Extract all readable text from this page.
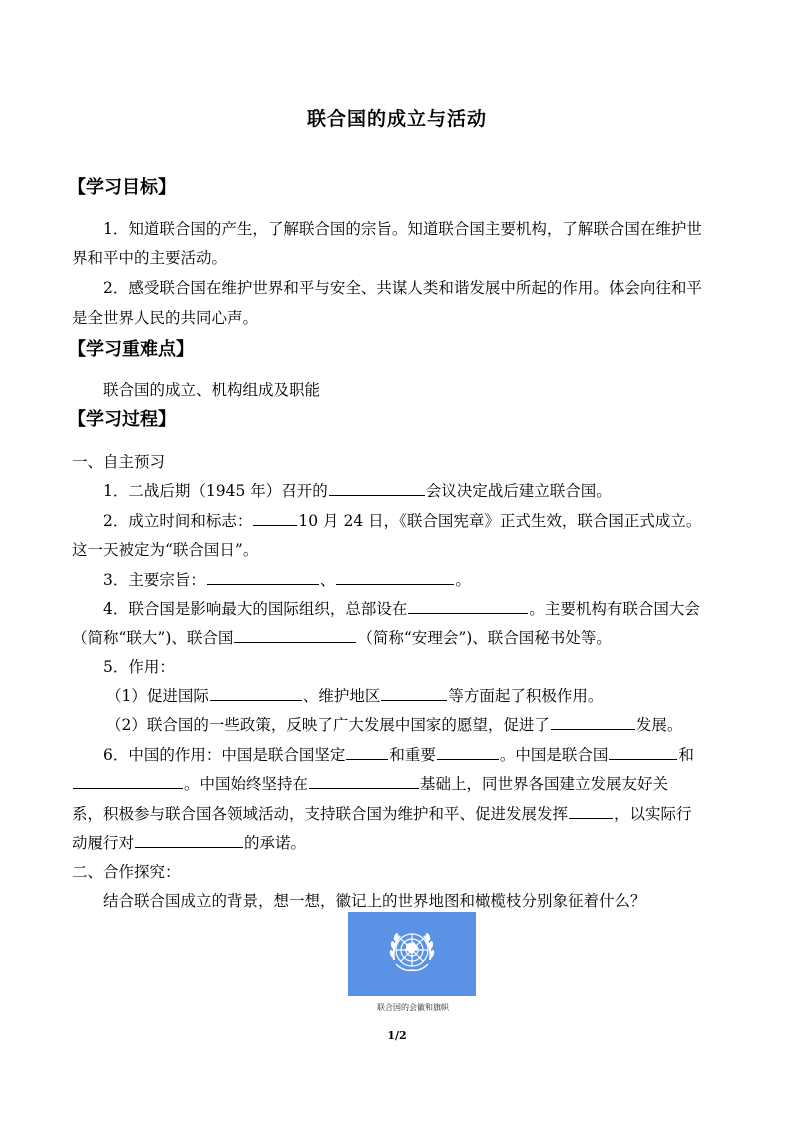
联合国的成立与活动
【学习目标】
1．知道联合国的产生，了解联合国的宗旨。知道联合国主要机构，了解联合国在维护世
界和平中的主要活动。
2．感受联合国在维护世界和平与安全、共谋人类和谐发展中所起的作用。体会向往和平
是全世界人民的共同心声。
【学习重难点】
联合国的成立、机构组成及职能
【学习过程】
一、自主预习
1．二战后期（1945 年）召开的	会议决定战后建立联合国。
2．成立时间和标志：	10 月 24 日，《联合国宪章》正式生效，联合国正式成立。
这一天被定为“联合国日”。
3．主要宗旨：	、	。
4．联合国是影响最大的国际组织，总部设在	。主要机构有联合国大会
（简称“联大”)、联合国	（简称“安理会”)、联合国秘书处等。
5．作用：
（1）促进国际	、维护地区	等方面起了积极作用。
（2）联合国的一些政策，反映了广大发展中国家的愿望，促进了	发展。
6．中国的作用：中国是联合国坚定	和重要	。中国是联合国	和
。中国始终坚持在	基础上，同世界各国建立发展友好关
系，积极参与联合国各领域活动，支持联合国为维护和平、促进发展发挥	，以实际行
动履行对	的承诺。
二、合作探究：
结合联合国成立的背景，想一想，徽记上的世界地图和橄榄枝分别象征着什么？
联合国的会徽和旗帜
1/2
